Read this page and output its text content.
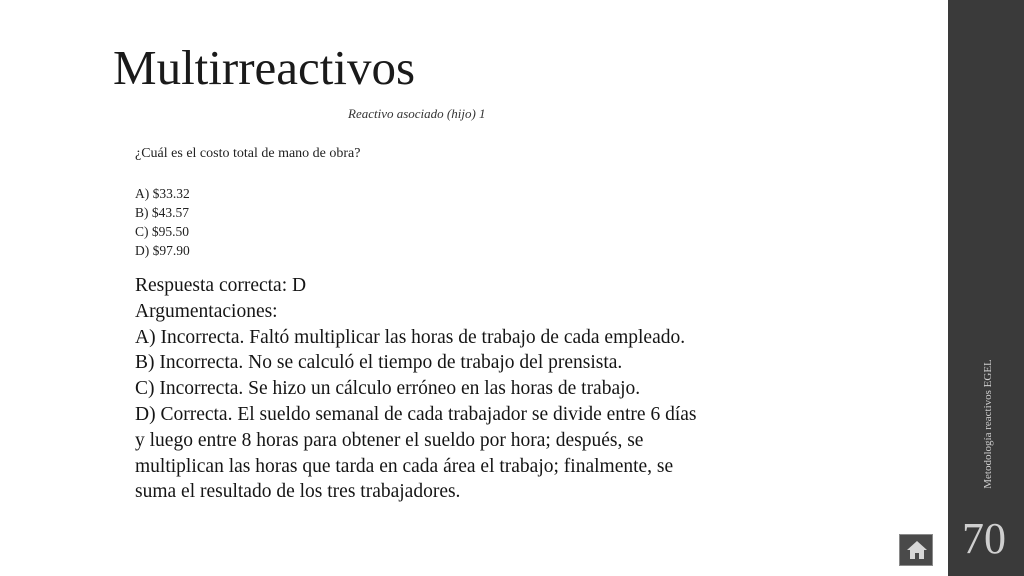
Multirreactivos
Reactivo asociado (hijo) 1
¿Cuál es el costo total de mano de obra?
A) $33.32
B) $43.57
C) $95.50
D) $97.90
Respuesta correcta: D
Argumentaciones:
A) Incorrecta. Faltó multiplicar las horas de trabajo de cada empleado.
B) Incorrecta. No se calculó el tiempo de trabajo del prensista.
C) Incorrecta. Se hizo un cálculo erróneo en las horas de trabajo.
D) Correcta. El sueldo semanal de cada trabajador se divide entre 6 días
y luego entre 8 horas para obtener el sueldo por hora; después, se
multiplican las horas que tarda en cada área el trabajo; finalmente, se
suma el resultado de los tres trabajadores.
Metodología reactivos EGEL
70
